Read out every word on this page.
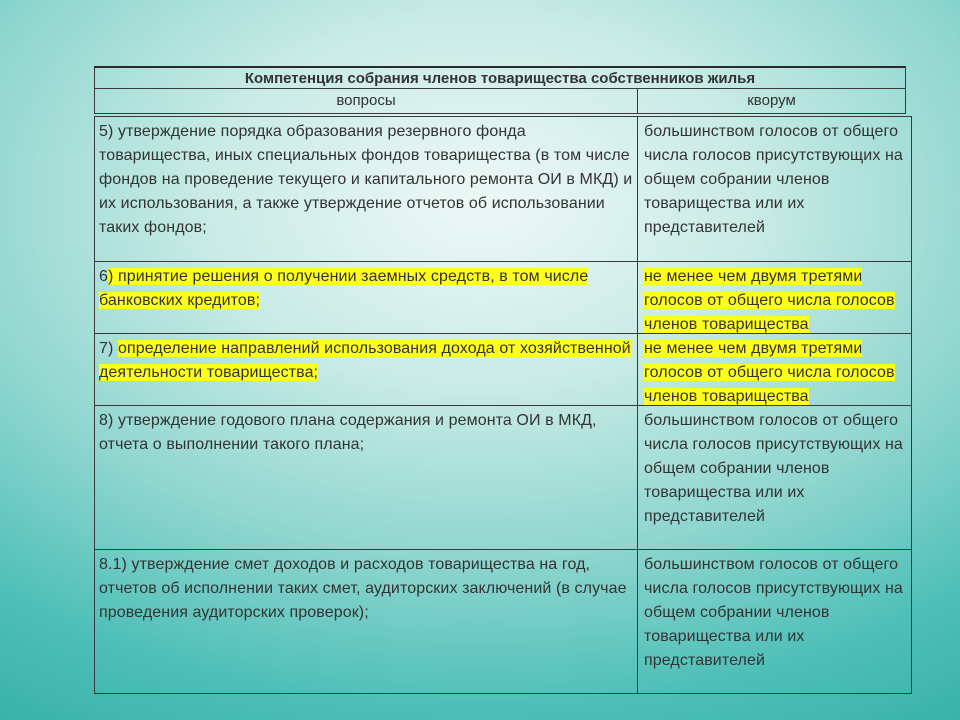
Компетенция собрания членов товарищества собственников жилья
вопросы	кворум
5) утверждение порядка образования резервного фонда товарищества, иных специальных фондов товарищества (в том числе фондов на проведение текущего и капитального ремонта ОИ в МКД) и их использования, а также утверждение отчетов об использовании таких фондов;
большинством голосов от общего числа голосов присутствующих на общем собрании членов товарищества или их представителей
6) принятие решения о получении заемных средств, в том числе банковских кредитов;
не менее чем двумя третями голосов от общего числа голосов членов товарищества
7) определение направлений использования дохода от хозяйственной деятельности товарищества;
не менее чем двумя третями голосов от общего числа голосов членов товарищества
8) утверждение годового плана содержания и ремонта ОИ в МКД, отчета о выполнении такого плана;
большинством голосов от общего числа голосов присутствующих на общем собрании членов товарищества или их представителей
8.1) утверждение смет доходов и расходов товарищества на год, отчетов об исполнении таких смет, аудиторских заключений (в случае проведения аудиторских проверок);
большинством голосов от общего числа голосов присутствующих на общем собрании членов товарищества или их представителей
